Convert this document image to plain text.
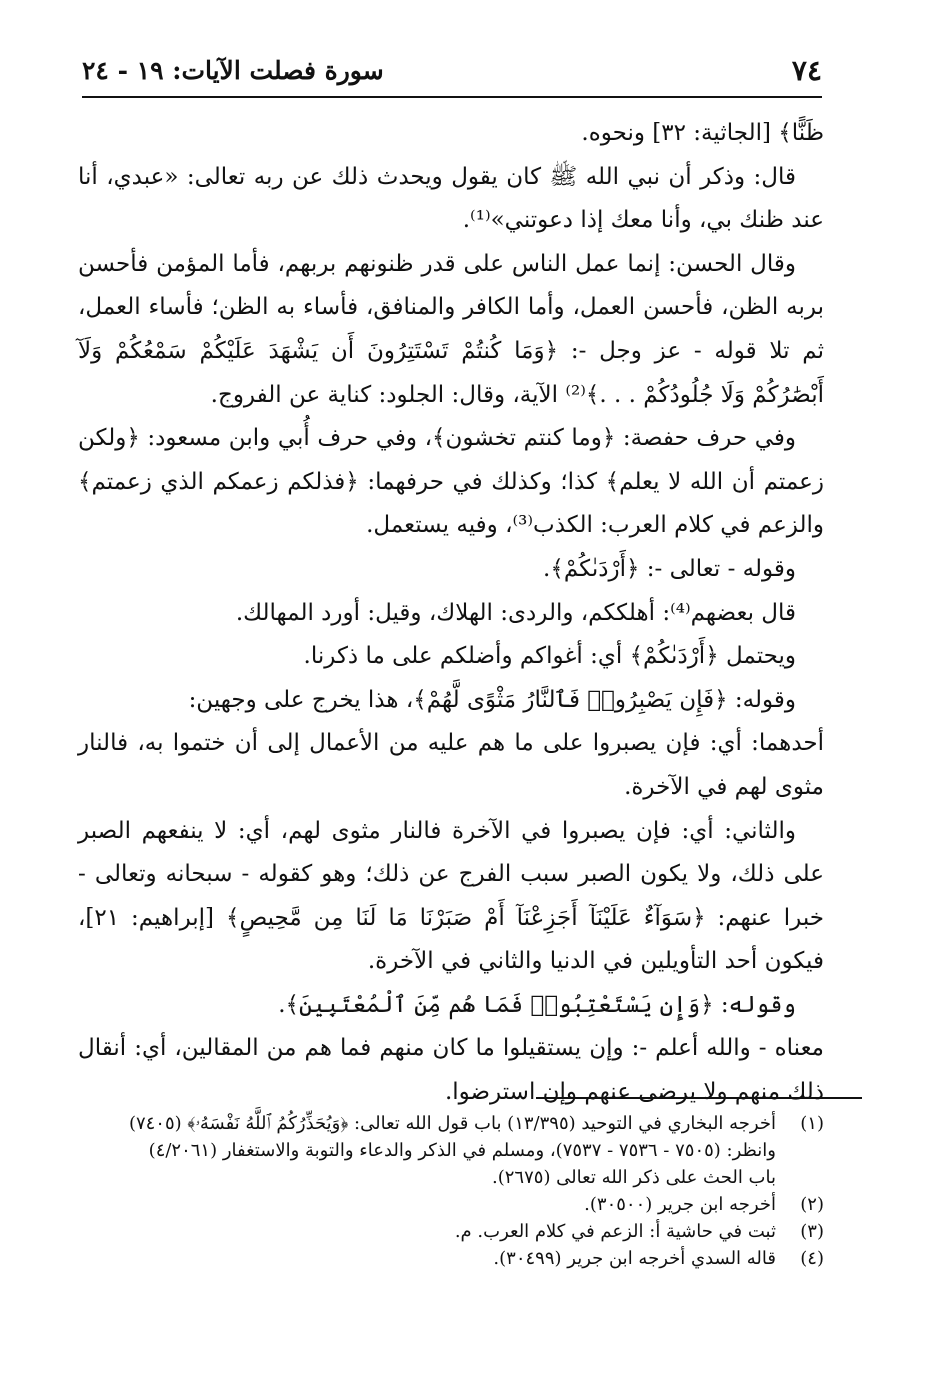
٧٤
سورة فصلت الآيات: ١٩ - ٢٤

ظَنًّا﴾ [الجاثية: ٣٢] ونحوه.

قال: وذكر أن نبي الله ﷺ كان يقول ويحدث ذلك عن ربه تعالى: «عبدي، أنا عند ظنك بي، وأنا معك إذا دعوتني»⁽¹⁾.

وقال الحسن: إنما عمل الناس على قدر ظنونهم بربهم، فأما المؤمن فأحسن بربه الظن، فأحسن العمل، وأما الكافر والمنافق، فأساء به الظن؛ فأساء العمل، ثم تلا قوله - عز وجل -: ﴿وَمَا كُنتُمْ تَسْتَتِرُونَ أَن يَشْهَدَ عَلَيْكُمْ سَمْعُكُمْ وَلَآ أَبْصَٰرُكُمْ وَلَا جُلُودُكُمْ . . .﴾⁽²⁾ الآية، وقال: الجلود: كناية عن الفروج.

وفي حرف حفصة: ﴿وما كنتم تخشون﴾، وفي حرف أُبي وابن مسعود: ﴿ولكن زعمتم أن الله لا يعلم﴾ كذا؛ وكذلك في حرفهما: ﴿فذلكم زعمكم الذي زعمتم﴾ والزعم في كلام العرب: الكذب⁽³⁾، وفيه يستعمل.

وقوله - تعالى -: ﴿أَرْدَىٰكُمْ﴾.

قال بعضهم⁽⁴⁾: أهلككم، والردى: الهلاك، وقيل: أورد المهالك.

ويحتمل ﴿أَرْدَىٰكُمْ﴾ أي: أغواكم وأضلكم على ما ذكرنا.

وقوله: ﴿فَإِن يَصْبِرُوا۟ فَٱلنَّارُ مَثْوًى لَّهُمْ﴾، هذا يخرج على وجهين:

أحدهما: أي: فإن يصبروا على ما هم عليه من الأعمال إلى أن ختموا به، فالنار مثوى لهم في الآخرة.

والثاني: أي: فإن يصبروا في الآخرة فالنار مثوى لهم، أي: لا ينفعهم الصبر على ذلك، ولا يكون الصبر سبب الفرج عن ذلك؛ وهو كقوله - سبحانه وتعالى - خبرا عنهم: ﴿سَوَآءٌ عَلَيْنَآ أَجَزِعْنَآ أَمْ صَبَرْنَا مَا لَنَا مِن مَّحِيصٍ﴾ [إبراهيم: ٢١]، فيكون أحد التأويلين في الدنيا والثاني في الآخرة.

وقوله: ﴿وَإِن يَسْتَعْتِبُوا۟ فَمَا هُم مِّنَ ٱلْمُعْتَبِينَ﴾.

معناه - والله أعلم -: وإن يستقيلوا ما كان منهم فما هم من المقالين، أي: أنقال ذلك منهم ولا يرضى عنهم وإن استرضوا.

(١)
أخرجه البخاري في التوحيد (١٣/٣٩٥) باب قول الله تعالى: ﴿وَيُحَذِّرُكُمُ ٱللَّهُ نَفْسَهُۥ﴾ (٧٤٠٥)
وانظر: (٧٥٠٥ - ٧٥٣٦ - ٧٥٣٧)، ومسلم في الذكر والدعاء والتوبة والاستغفار (٤/٢٠٦١)
باب الحث على ذكر الله تعالى (٢٦٧٥).
(٢)
أخرجه ابن جرير (٣٠٥٠٠).
(٣)
ثبت في حاشية أ: الزعم في كلام العرب. م.
(٤)
قاله السدي أخرجه ابن جرير (٣٠٤٩٩).
